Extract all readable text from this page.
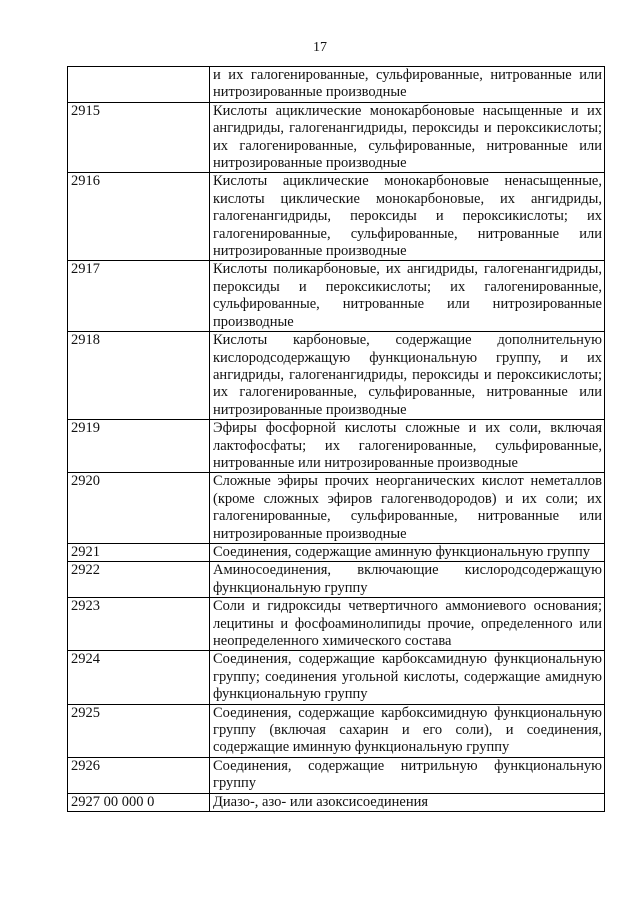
17
	и их галогенированные, сульфированные, нитрованные или нитрозированные производные
2915	Кислоты ациклические монокарбоновые насыщенные и их ангидриды, галогенангидриды, пероксиды и пероксикислоты; их галогенированные, сульфированные, нитрованные или нитрозированные производные
2916	Кислоты ациклические монокарбоновые ненасыщенные, кислоты циклические монокарбоновые, их ангидриды, галогенангидриды, пероксиды и пероксикислоты; их галогенированные, сульфированные, нитрованные или нитрозированные производные
2917	Кислоты поликарбоновые, их ангидриды, галогенангидриды, пероксиды и пероксикислоты; их галогенированные, сульфированные, нитрованные или нитрозированные производные
2918	Кислоты карбоновые, содержащие дополнительную кислородсодержащую функциональную группу, и их ангидриды, галогенангидриды, пероксиды и пероксикислоты; их галогенированные, сульфированные, нитрованные или нитрозированные производные
2919	Эфиры фосфорной кислоты сложные и их соли, включая лактофосфаты; их галогенированные, сульфированные, нитрованные или нитрозированные производные
2920	Сложные эфиры прочих неорганических кислот неметаллов (кроме сложных эфиров галогенводородов) и их соли; их галогенированные, сульфированные, нитрованные или нитрозированные производные
2921	Соединения, содержащие аминную функциональную группу
2922	Аминосоединения, включающие кислородсодержащую функциональную группу
2923	Соли и гидроксиды четвертичного аммониевого основания; лецитины и фосфоаминолипиды прочие, определенного или неопределенного химического состава
2924	Соединения, содержащие карбоксамидную функциональную группу; соединения угольной кислоты, содержащие амидную функциональную группу
2925	Соединения, содержащие карбоксимидную функциональную группу (включая сахарин и его соли), и соединения, содержащие иминную функциональную группу
2926	Соединения, содержащие нитрильную функциональную группу
2927 00 000 0	Диазо-, азо- или азоксисоединения
